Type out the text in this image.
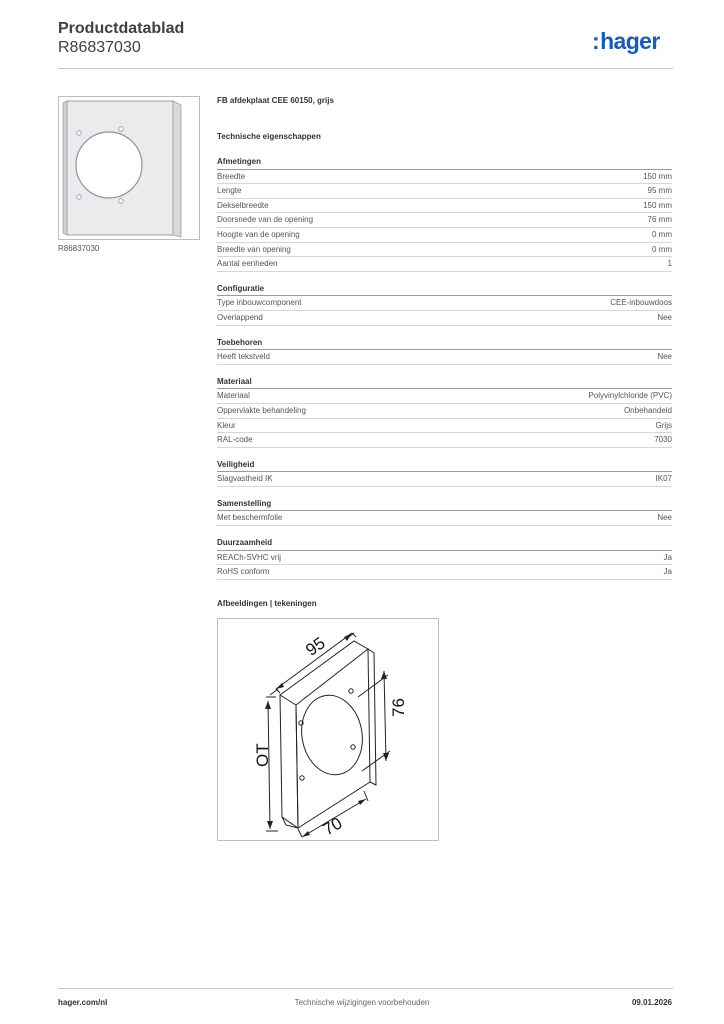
Productdatablad
R86837030	:hager
R86837030
FB afdekplaat CEE 60150, grijs
Technische eigenschappen
Afmetingen
Breedte	150 mm
Lengte	95 mm
Dekselbreedte	150 mm
Doorsnede van de opening	76 mm
Hoogte van de opening	0 mm
Breedte van opening	0 mm
Aantal eenheden	1
Configuratie
Type inbouwcomponent	CEE-inbouwdoos
Overlappend	Nee
Toebehoren
Heeft tekstveld	Nee
Materiaal
Materiaal	Polyvinylchloride (PVC)
Oppervlakte behandeling	Onbehandeld
Kleur	Grijs
RAL-code	7030
Veiligheid
Slagvastheid IK	IK07
Samenstelling
Met beschermfolie	Nee
Duurzaamheid
REACh-SVHC vrij	Ja
RoHS conform	Ja
Afbeeldingen | tekeningen
95
76
OT
70
hager.com/nl	Technische wijzigingen voorbehouden	09.01.2026
